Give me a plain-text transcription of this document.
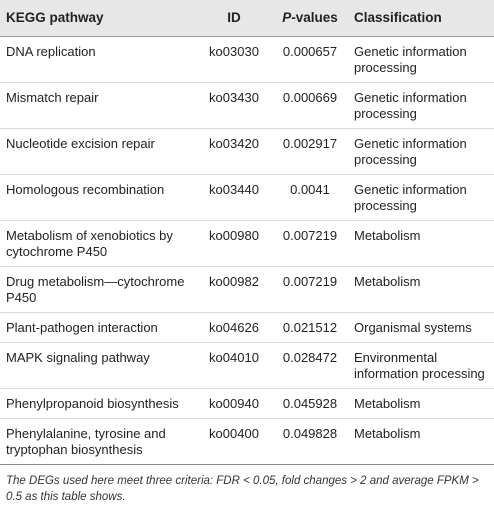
KEGG pathway	ID	P-values	Classification
DNA replication	ko03030	0.000657	Genetic information processing
Mismatch repair	ko03430	0.000669	Genetic information processing
Nucleotide excision repair	ko03420	0.002917	Genetic information processing
Homologous recombination	ko03440	0.0041	Genetic information processing
Metabolism of xenobiotics by cytochrome P450	ko00980	0.007219	Metabolism
Drug metabolism—cytochrome P450	ko00982	0.007219	Metabolism
Plant-pathogen interaction	ko04626	0.021512	Organismal systems
MAPK signaling pathway	ko04010	0.028472	Environmental information processing
Phenylpropanoid biosynthesis	ko00940	0.045928	Metabolism
Phenylalanine, tyrosine and tryptophan biosynthesis	ko00400	0.049828	Metabolism
The DEGs used here meet three criteria: FDR < 0.05, fold changes > 2 and average FPKM > 0.5 as this table shows.
